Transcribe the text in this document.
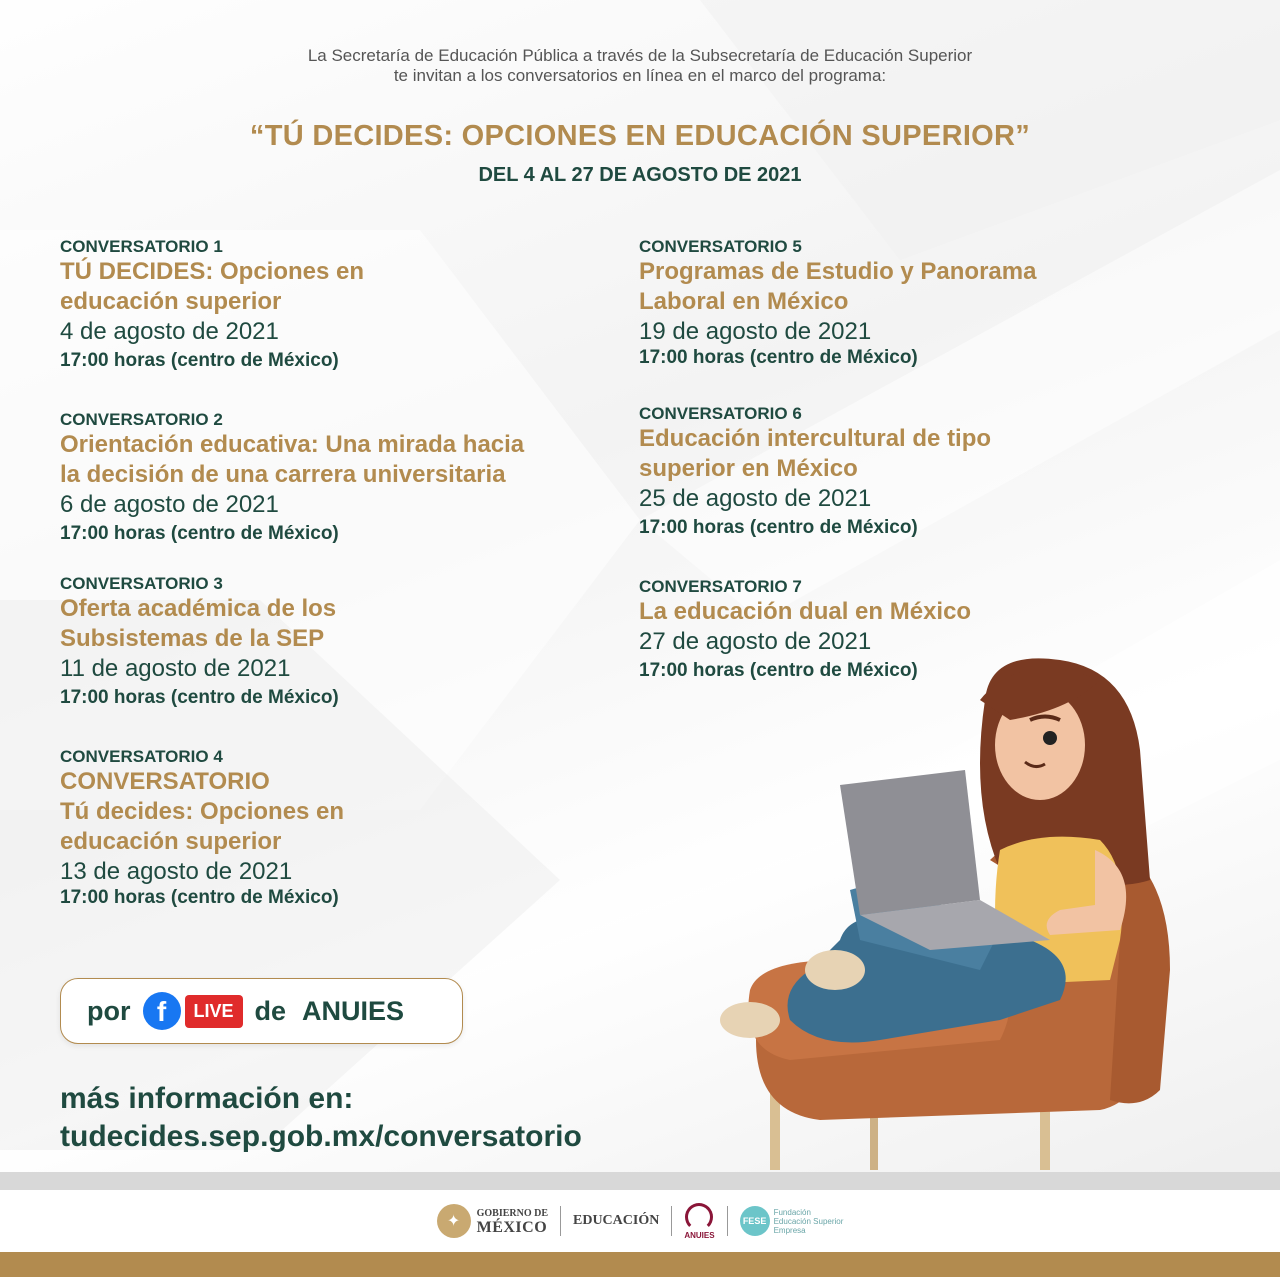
La Secretaría de Educación Pública a través de la Subsecretaría de Educación Superior
te invitan a los conversatorios en línea en el marco del programa:
“TÚ DECIDES: OPCIONES EN EDUCACIÓN SUPERIOR”
DEL 4 AL 27 DE AGOSTO DE 2021
CONVERSATORIO 1
TÚ DECIDES: Opciones en
educación superior
4 de agosto de 2021
17:00 horas (centro de México)
CONVERSATORIO 2
Orientación educativa: Una mirada hacia
la decisión de una carrera universitaria
6 de agosto de 2021
17:00 horas (centro de México)
CONVERSATORIO 3
Oferta académica de los
Subsistemas de la SEP
11 de agosto de 2021
17:00 horas (centro de México)
CONVERSATORIO 4
CONVERSATORIO
Tú decides: Opciones en
educación superior
13 de agosto de 2021
17:00 horas (centro de México)
CONVERSATORIO 5
Programas de Estudio y Panorama
Laboral en México
19 de agosto de 2021
17:00 horas (centro de México)
CONVERSATORIO 6
Educación intercultural de tipo
superior en México
25 de agosto de 2021
17:00 horas (centro de México)
CONVERSATORIO 7
La educación dual en México
27 de agosto de 2021
17:00 horas (centro de México)
por f	LIVE de ANUIES
más información en:
tudecides.sep.gob.mx/conversatorio
✦	GOBIERNO DE
MÉXICO EDUCACIÓN
ANUIES
FESE
Fundación
Educación Superior
Empresa
